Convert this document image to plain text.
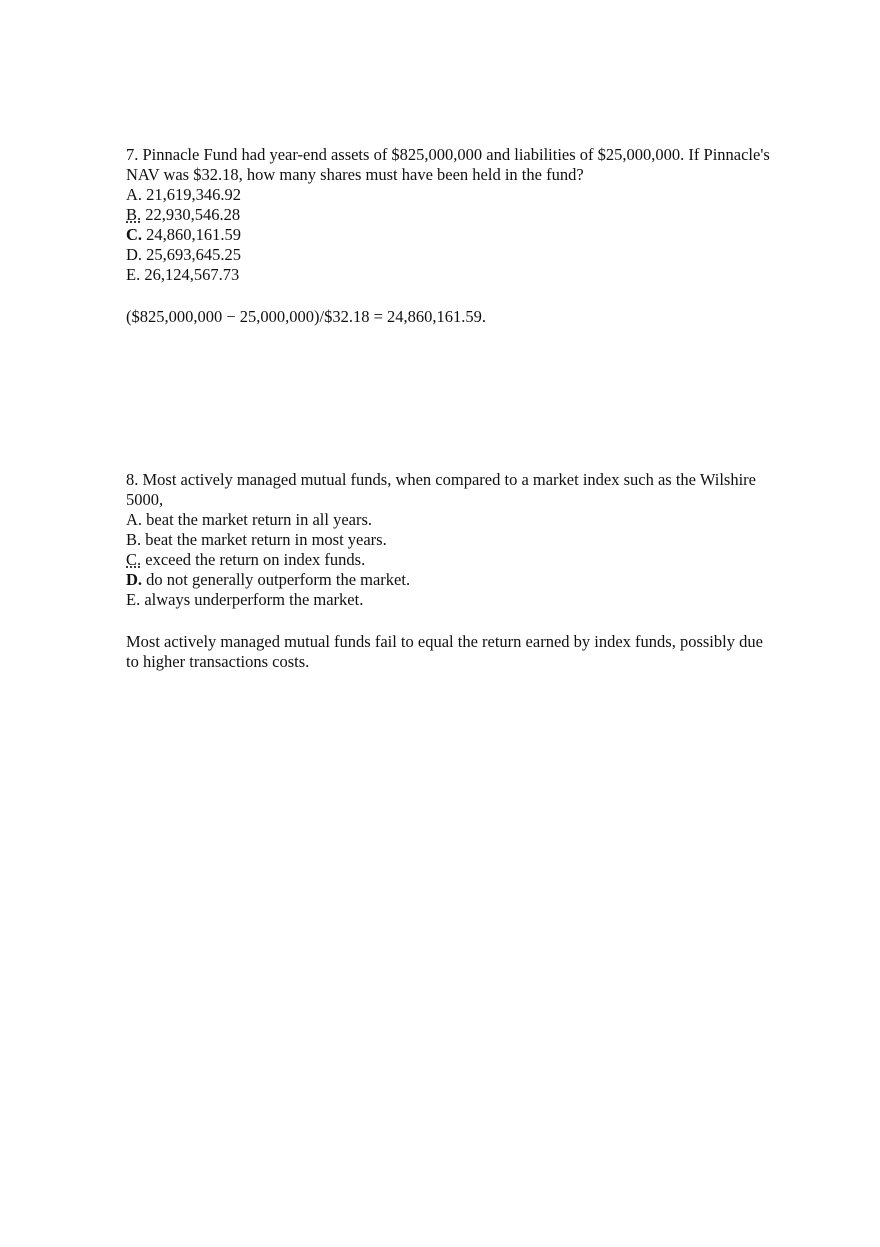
7. Pinnacle Fund had year-end assets of $825,000,000 and liabilities of $25,000,000. If Pinnacle's NAV was $32.18, how many shares must have been held in the fund?

A. 21,619,346.92
B. 22,930,546.28
C. 24,860,161.59
D. 25,693,645.25
E. 26,124,567.73

($825,000,000 − 25,000,000)/$32.18 = 24,860,161.59.

8. Most actively managed mutual funds, when compared to a market index such as the Wilshire 5000,

A. beat the market return in all years.
B. beat the market return in most years.
C. exceed the return on index funds.
D. do not generally outperform the market.
E. always underperform the market.

Most actively managed mutual funds fail to equal the return earned by index funds, possibly due to higher transactions costs.
